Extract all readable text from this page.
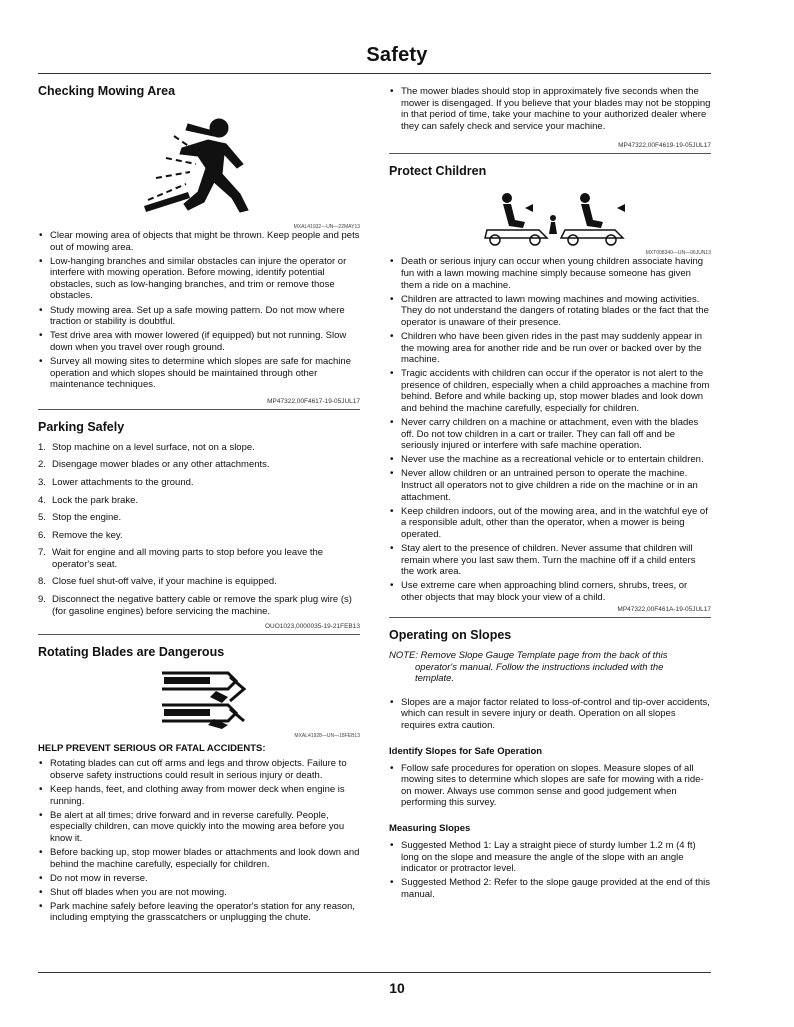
Safety
Checking Mowing Area
MXAL41932—UN—22MAY13
• Clear mowing area of objects that might be thrown. Keep people and pets out of mowing area.
• Low-hanging branches and similar obstacles can injure the operator or interfere with mowing operation. Before mowing, identify potential obstacles, such as low-hanging branches, and trim or remove those obstacles.
• Study mowing area. Set up a safe mowing pattern. Do not mow where traction or stability is doubtful.
• Test drive area with mower lowered (if equipped) but not running. Slow down when you travel over rough ground.
• Survey all mowing sites to determine which slopes are safe for machine operation and which slopes should be maintained through other maintenance techniques.
MP47322,00F4617-19-05JUL17
Parking Safely
1. Stop machine on a level surface, not on a slope.
2. Disengage mower blades or any other attachments.
3. Lower attachments to the ground.
4. Lock the park brake.
5. Stop the engine.
6. Remove the key.
7. Wait for engine and all moving parts to stop before you leave the operator's seat.
8. Close fuel shut-off valve, if your machine is equipped.
9. Disconnect the negative battery cable or remove the spark plug wire (s) (for gasoline engines) before servicing the machine.
OUO1023,0000035-19-21FEB13
Rotating Blades are Dangerous
MXAL41928—UN—18FEB13
HELP PREVENT SERIOUS OR FATAL ACCIDENTS:
• Rotating blades can cut off arms and legs and throw objects. Failure to observe safety instructions could result in serious injury or death.
• Keep hands, feet, and clothing away from mower deck when engine is running.
• Be alert at all times; drive forward and in reverse carefully. People, especially children, can move quickly into the mowing area before you know it.
• Before backing up, stop mower blades or attachments and look down and behind the machine carefully, especially for children.
• Do not mow in reverse.
• Shut off blades when you are not mowing.
• Park machine safely before leaving the operator's station for any reason, including emptying the grasscatchers or unplugging the chute.
• The mower blades should stop in approximately five seconds when the mower is disengaged. If you believe that your blades may not be stopping in that period of time, take your machine to your authorized dealer where they can safely check and service your machine.
MP47322,00F4619-19-05JUL17
Protect Children
MXT008340—UN—06JUN13
• Death or serious injury can occur when young children associate having fun with a lawn mowing machine simply because someone has given them a ride on a machine.
• Children are attracted to lawn mowing machines and mowing activities. They do not understand the dangers of rotating blades or the fact that the operator is unaware of their presence.
• Children who have been given rides in the past may suddenly appear in the mowing area for another ride and be run over or backed over by the machine.
• Tragic accidents with children can occur if the operator is not alert to the presence of children, especially when a child approaches a machine from behind. Before and while backing up, stop mower blades and look down and behind the machine carefully, especially for children.
• Never carry children on a machine or attachment, even with the blades off. Do not tow children in a cart or trailer. They can fall off and be seriously injured or interfere with safe machine operation.
• Never use the machine as a recreational vehicle or to entertain children.
• Never allow children or an untrained person to operate the machine. Instruct all operators not to give children a ride on the machine or in an attachment.
• Keep children indoors, out of the mowing area, and in the watchful eye of a responsible adult, other than the operator, when a mower is being operated.
• Stay alert to the presence of children. Never assume that children will remain where you last saw them. Turn the machine off if a child enters the work area.
• Use extreme care when approaching blind corners, shrubs, trees, or other objects that may block your view of a child.
MP47322,00F461A-19-05JUL17
Operating on Slopes
NOTE: Remove Slope Gauge Template page from the back of this
operator's manual. Follow the instructions included with the
template.
• Slopes are a major factor related to loss-of-control and tip-over accidents, which can result in severe injury or death. Operation on all slopes requires extra caution.
Identify Slopes for Safe Operation
• Follow safe procedures for operation on slopes. Measure slopes of all mowing sites to determine which slopes are safe for mowing with a ride-on mower. Always use common sense and good judgement when performing this survey.
Measuring Slopes
• Suggested Method 1: Lay a straight piece of sturdy lumber 1.2 m (4 ft) long on the slope and measure the angle of the slope with an angle indicator or protractor level.
• Suggested Method 2: Refer to the slope gauge provided at the end of this manual.
10
